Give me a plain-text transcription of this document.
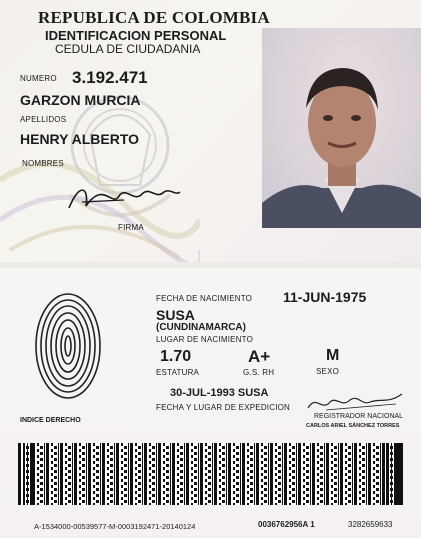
REPUBLICA DE COLOMBIA
IDENTIFICACION PERSONAL
CEDULA DE CIUDADANIA
NUMERO 3.192.471
GARZON MURCIA
APELLIDOS
HENRY ALBERTO
NOMBRES
FIRMA
INDICE DERECHO
FECHA DE NACIMIENTO 11-JUN-1975
SUSA
(CUNDINAMARCA)
LUGAR DE NACIMIENTO
1.70
ESTATURA
A+
G.S. RH
M
SEXO
30-JUL-1993 SUSA
FECHA Y LUGAR DE EXPEDICION
REGISTRADOR NACIONAL
CARLOS ARIEL SÁNCHEZ TORRES
A-1534000-00539577-M-0003192471-20140124	0036762956A 1	3282659633
